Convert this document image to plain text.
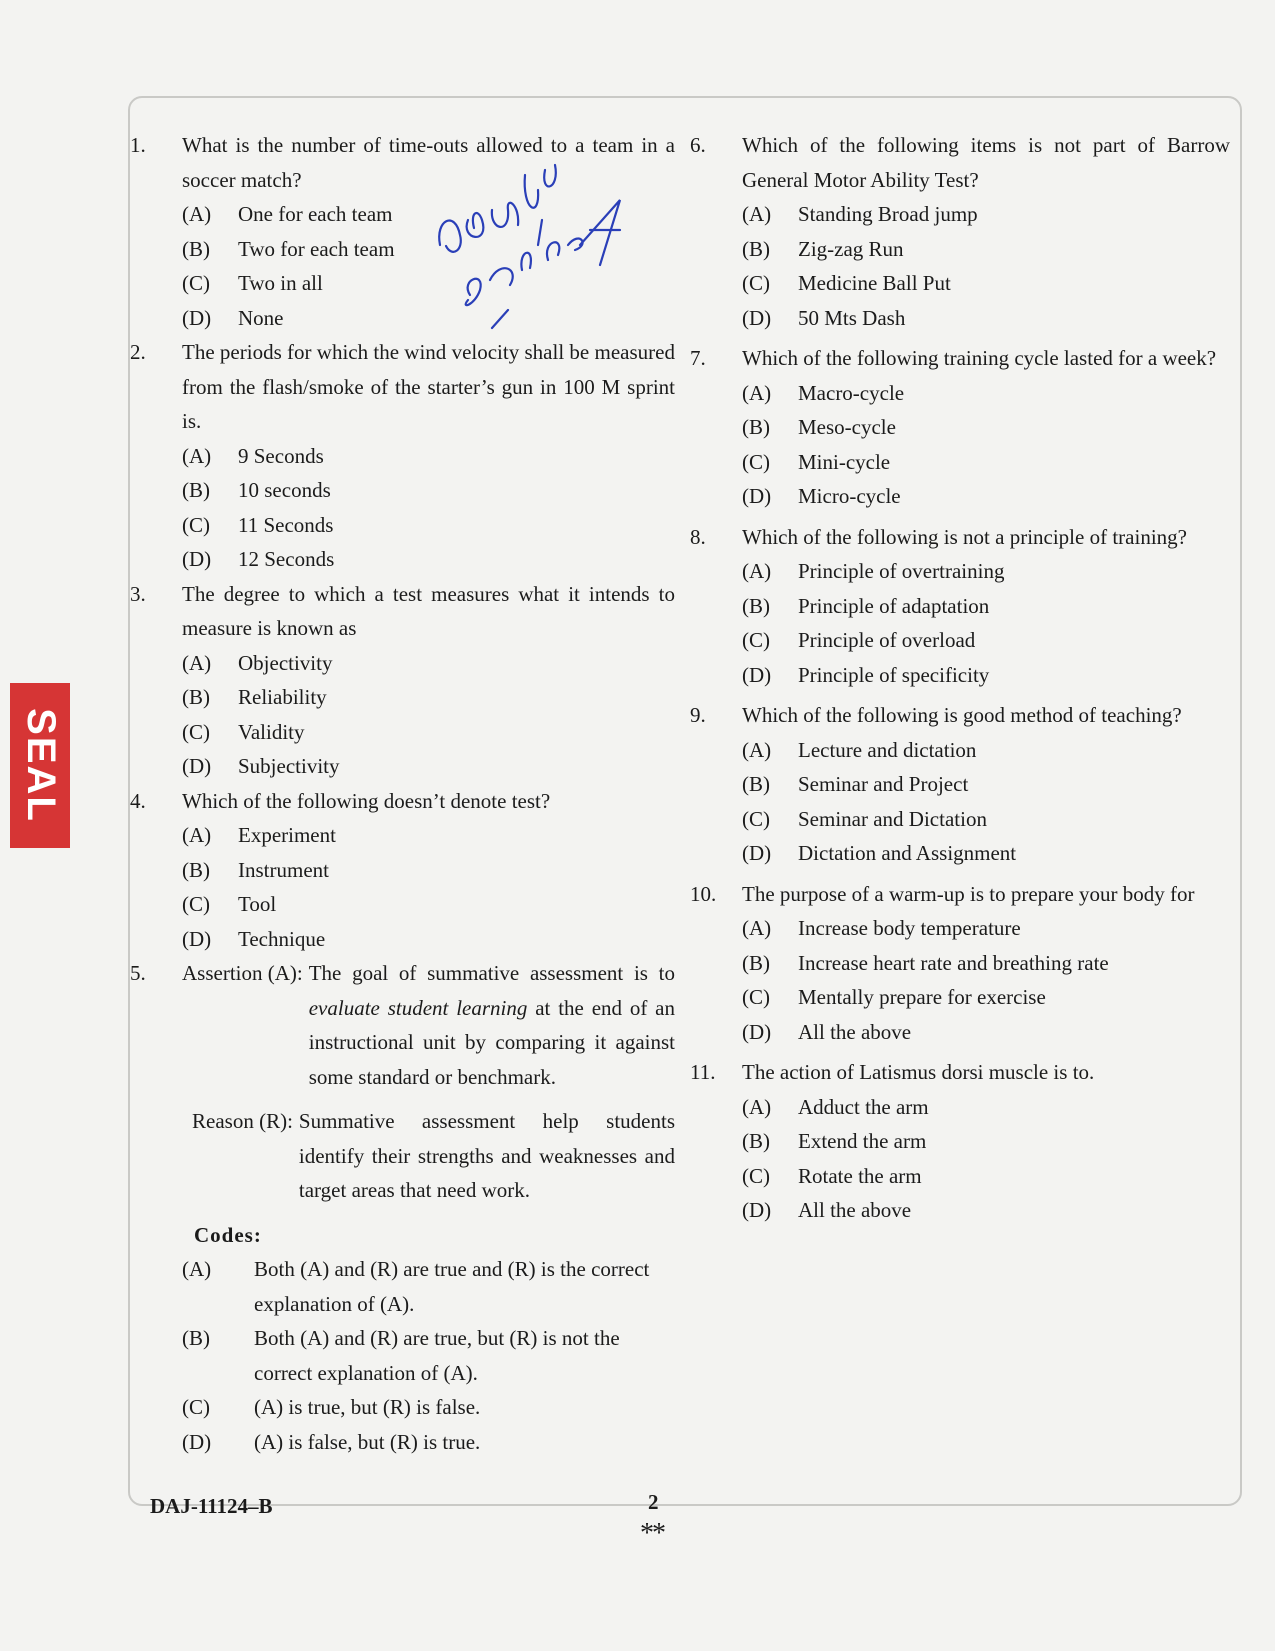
SEAL
1. What is the number of time-outs allowed to a team in a soccer match?
(A) One for each team
(B) Two for each team
(C) Two in all
(D) None
2. The periods for which the wind velocity shall be measured from the flash/smoke of the starter’s gun in 100 M sprint is.
(A) 9 Seconds
(B) 10 seconds
(C) 11 Seconds
(D) 12 Seconds
3. The degree to which a test measures what it intends to measure is known as
(A) Objectivity
(B) Reliability
(C) Validity
(D) Subjectivity
4. Which of the following doesn’t denote test?
(A) Experiment
(B) Instrument
(C) Tool
(D) Technique
5. Assertion (A): The goal of summative assessment is to evaluate student learning at the end of an instructional unit by comparing it against some standard or benchmark.
Reason (R): Summative assessment help students identify their strengths and weaknesses and target areas that need work.
Codes:
(A) Both (A) and (R) are true and (R) is the correct explanation of (A).
(B) Both (A) and (R) are true, but (R) is not the correct explanation of (A).
(C) (A) is true, but (R) is false.
(D) (A) is false, but (R) is true.
6. Which of the following items is not part of Barrow General Motor Ability Test?
(A) Standing Broad jump
(B) Zig-zag Run
(C) Medicine Ball Put
(D) 50 Mts Dash
7. Which of the following training cycle lasted for a week?
(A) Macro-cycle
(B) Meso-cycle
(C) Mini-cycle
(D) Micro-cycle
8. Which of the following is not a principle of training?
(A) Principle of overtraining
(B) Principle of adaptation
(C) Principle of overload
(D) Principle of specificity
9. Which of the following is good method of teaching?
(A) Lecture and dictation
(B) Seminar and Project
(C) Seminar and Dictation
(D) Dictation and Assignment
10. The purpose of a warm-up is to prepare your body for
(A) Increase body temperature
(B) Increase heart rate and breathing rate
(C) Mentally prepare for exercise
(D) All the above
11. The action of Latismus dorsi muscle is to.
(A) Adduct the arm
(B) Extend the arm
(C) Rotate the arm
(D) All the above
DAJ-11124–B	2
**
